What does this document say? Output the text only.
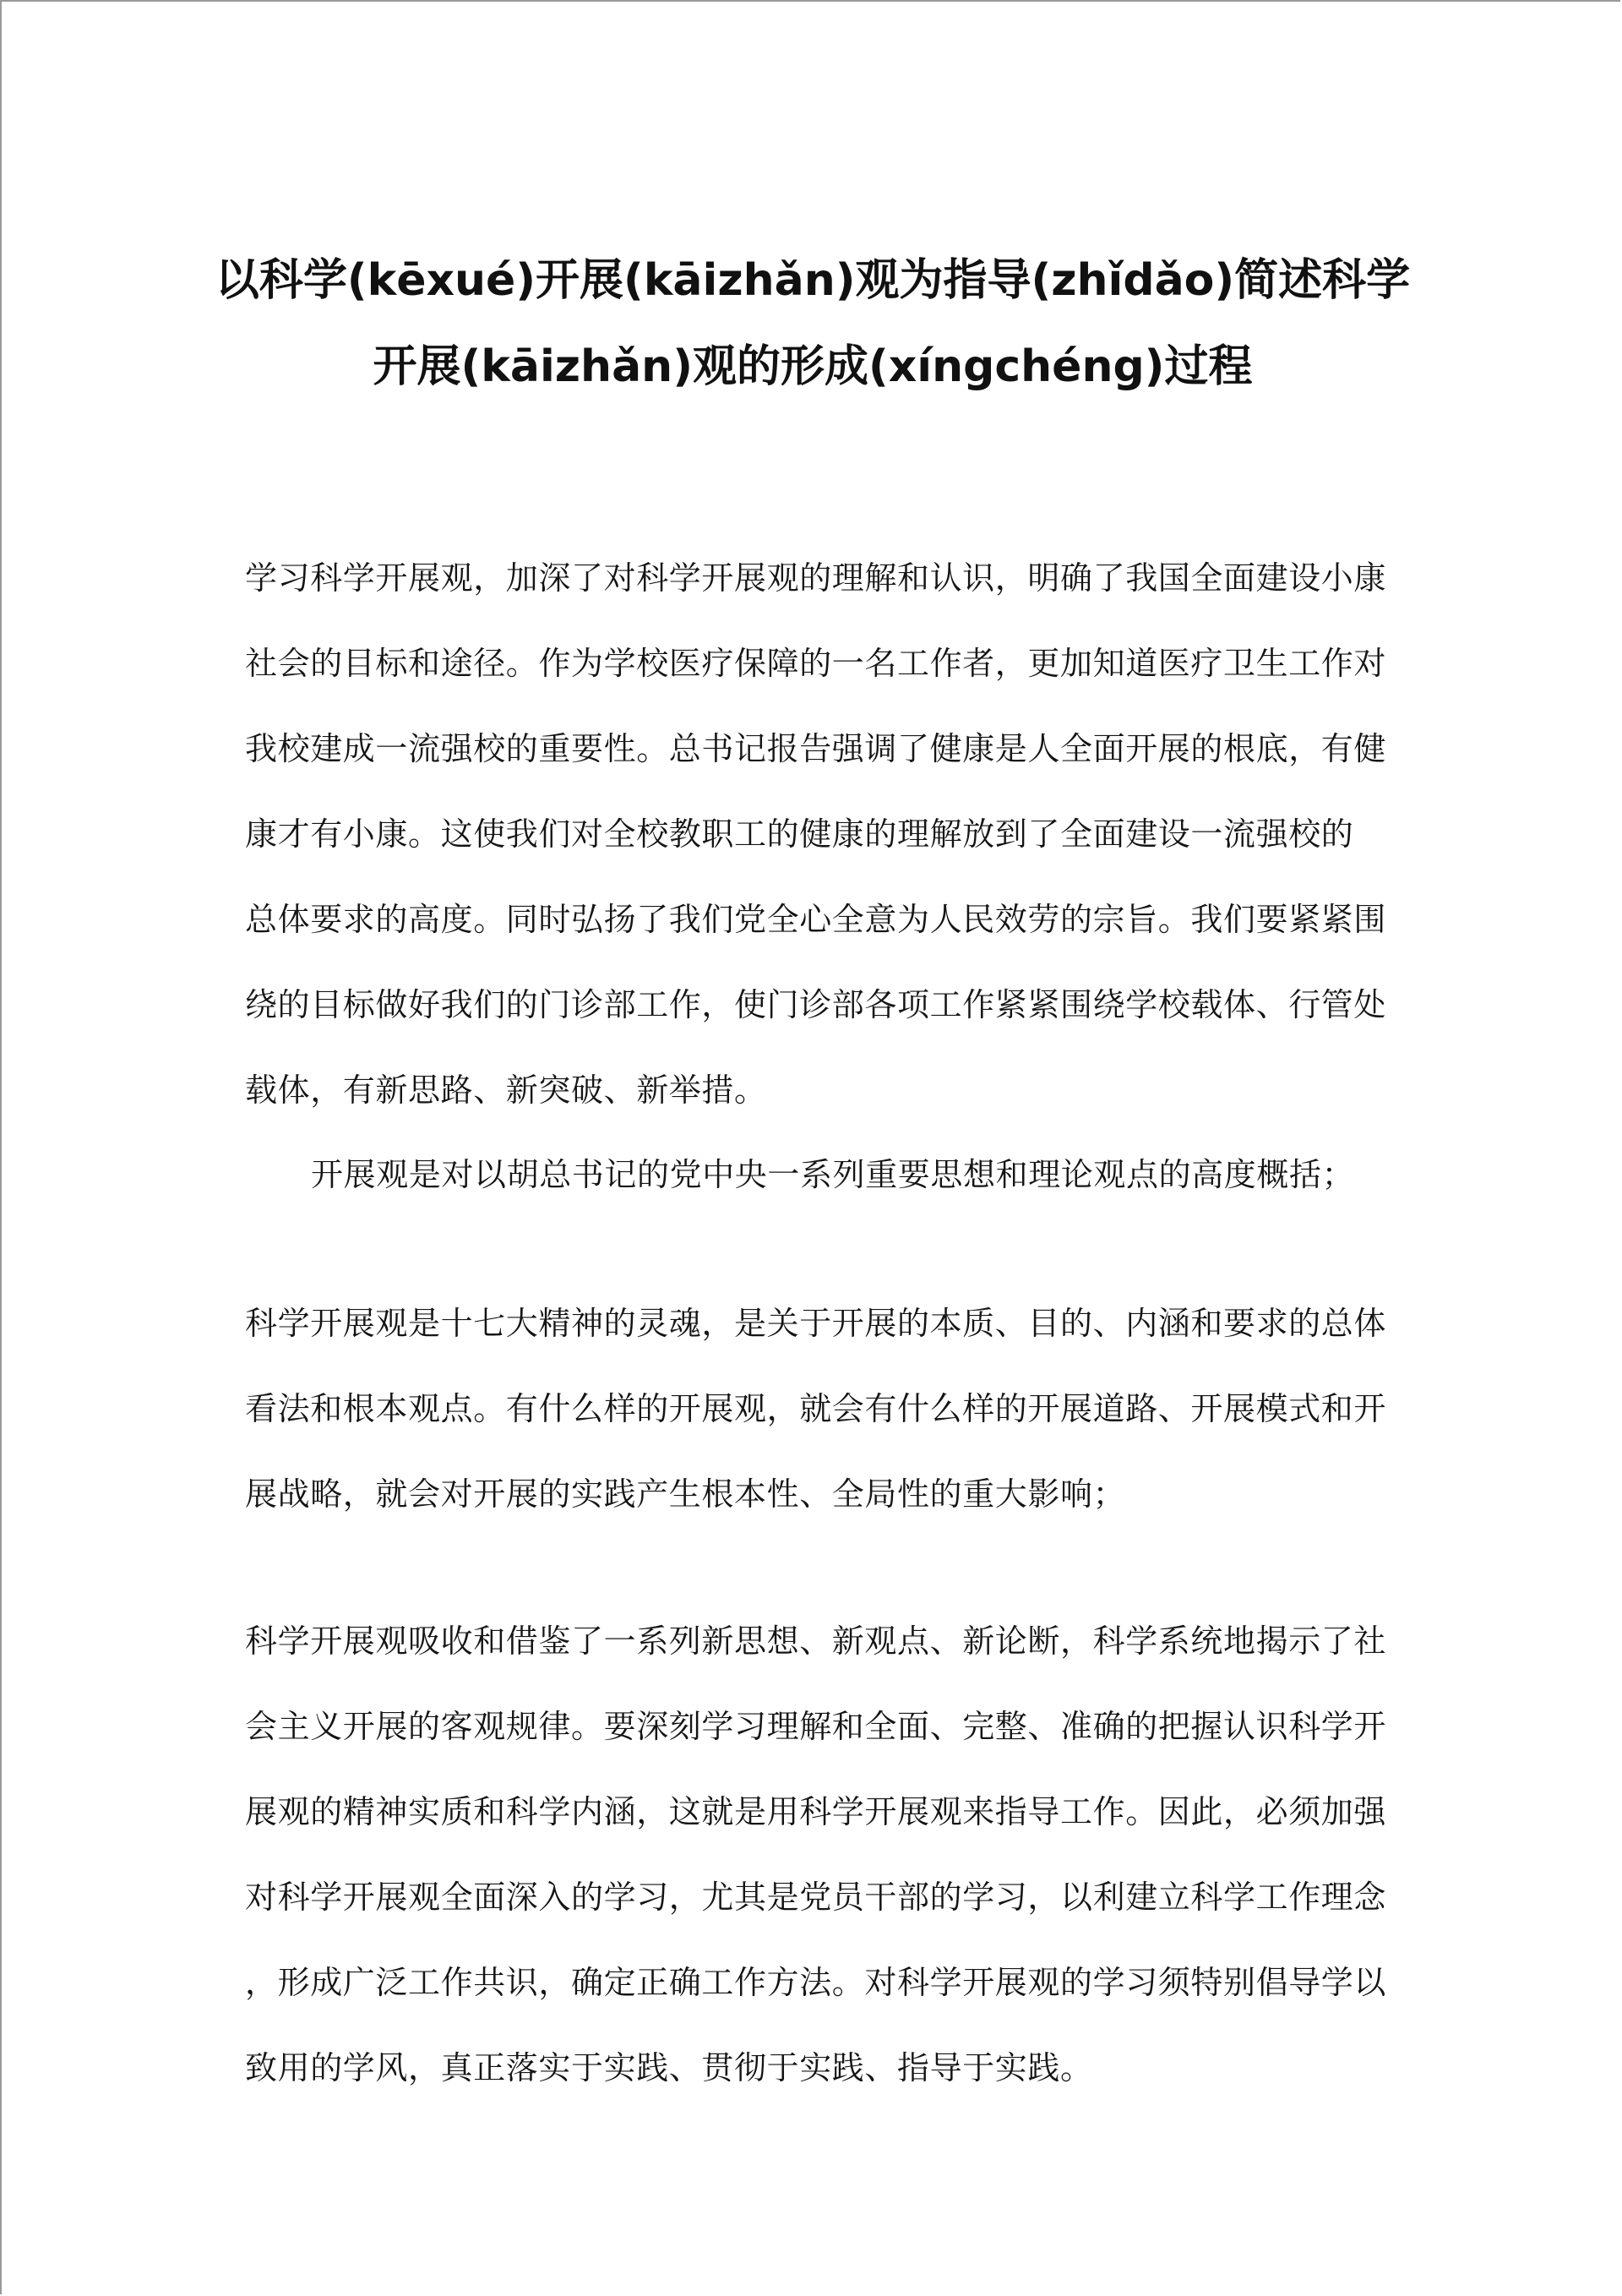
以科学(kēxué)开展(kāizhǎn)观为指导(zhǐdǎo)简述科学
开展(kāizhǎn)观的形成(xíngchéng)过程

学习科学开展观，加深了对科学开展观的理解和认识，明确了我国全面建设小康
社会的目标和途径。作为学校医疗保障的一名工作者，更加知道医疗卫生工作对
我校建成一流强校的重要性。总书记报告强调了健康是人全面开展的根底，有健
康才有小康。这使我们对全校教职工的健康的理解放到了全面建设一流强校的
总体要求的高度。同时弘扬了我们党全心全意为人民效劳的宗旨。我们要紧紧围
绕的目标做好我们的门诊部工作，使门诊部各项工作紧紧围绕学校载体、行管处
载体，有新思路、新突破、新举措。

开展观是对以胡总书记的党中央一系列重要思想和理论观点的高度概括；

科学开展观是十七大精神的灵魂，是关于开展的本质、目的、内涵和要求的总体
看法和根本观点。有什么样的开展观，就会有什么样的开展道路、开展模式和开
展战略，就会对开展的实践产生根本性、全局性的重大影响；

科学开展观吸收和借鉴了一系列新思想、新观点、新论断，科学系统地揭示了社
会主义开展的客观规律。要深刻学习理解和全面、完整、准确的把握认识科学开
展观的精神实质和科学内涵，这就是用科学开展观来指导工作。因此，必须加强
对科学开展观全面深入的学习，尤其是党员干部的学习，以利建立科学工作理念
，形成广泛工作共识，确定正确工作方法。对科学开展观的学习须特别倡导学以
致用的学风，真正落实于实践、贯彻于实践、指导于实践。
